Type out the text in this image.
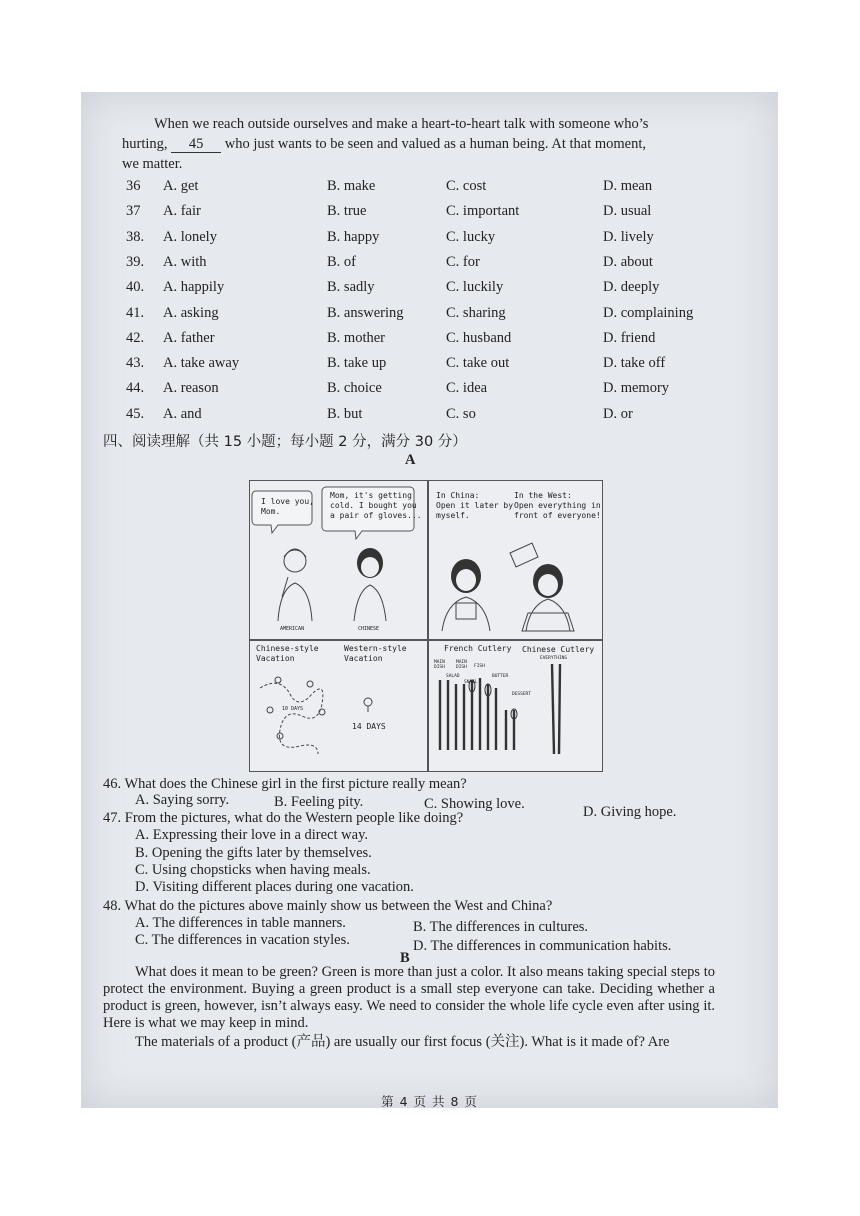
When we reach outside ourselves and make a heart-to-heart talk with someone who’s
hurting, 45 who just wants to be seen and valued as a human being. At that moment,
we matter.
36 A. get	B. make	C. cost	D. mean
37 A. fair	B. true	C. important	D. usual
38. A. lonely	B. happy	C. lucky	D. lively
39. A. with	B. of	C. for	D. about
40. A. happily	B. sadly	C. luckily	D. deeply
41. A. asking	B. answering	C. sharing	D. complaining
42. A. father	B. mother	C. husband	D. friend
43. A. take away	B. take up	C. take out	D. take off
44. A. reason	B. choice	C. idea	D. memory
45. A. and	B. but	C. so	D. or
四、阅读理解（共 15 小题；每小题 2 分，满分 30 分）
A
I love you,
Mom.
Mom, it's getting
cold. I bought you
a pair of gloves...
AMERICAN	CHINESE
In China:
Open it later by
myself.
In the West:
Open everything in
front of everyone!
Chinese-style
Vacation
Western-style
Vacation
10 DAYS
14 DAYS
French Cutlery Chinese Cutlery
MAIN
DISH
MAIN
DISH FISH
SALAD
SNAIL
BUTTER
DESSERT
EVERYTHING
46. What does the Chinese girl in the first picture really mean?
A. Saying sorry.	B. Feeling pity.	C. Showing love.	D. Giving hope.
47. From the pictures, what do the Western people like doing?
A. Expressing their love in a direct way.
B. Opening the gifts later by themselves.
C. Using chopsticks when having meals.
D. Visiting different places during one vacation.
48. What do the pictures above mainly show us between the West and China?
A. The differences in table manners.	B. The differences in cultures.
C. The differences in vacation styles.	D. The differences in communication habits.
B
What does it mean to be green? Green is more than just a color. It also means taking special steps to protect the environment. Buying a green product is a small step everyone can take. Deciding whether a product is green, however, isn’t always easy. We need to consider the whole life cycle even after using it. Here is what we may keep in mind.
The materials of a product (产品) are usually our first focus (关注). What is it made of? Are
第 4 页 共 8 页
